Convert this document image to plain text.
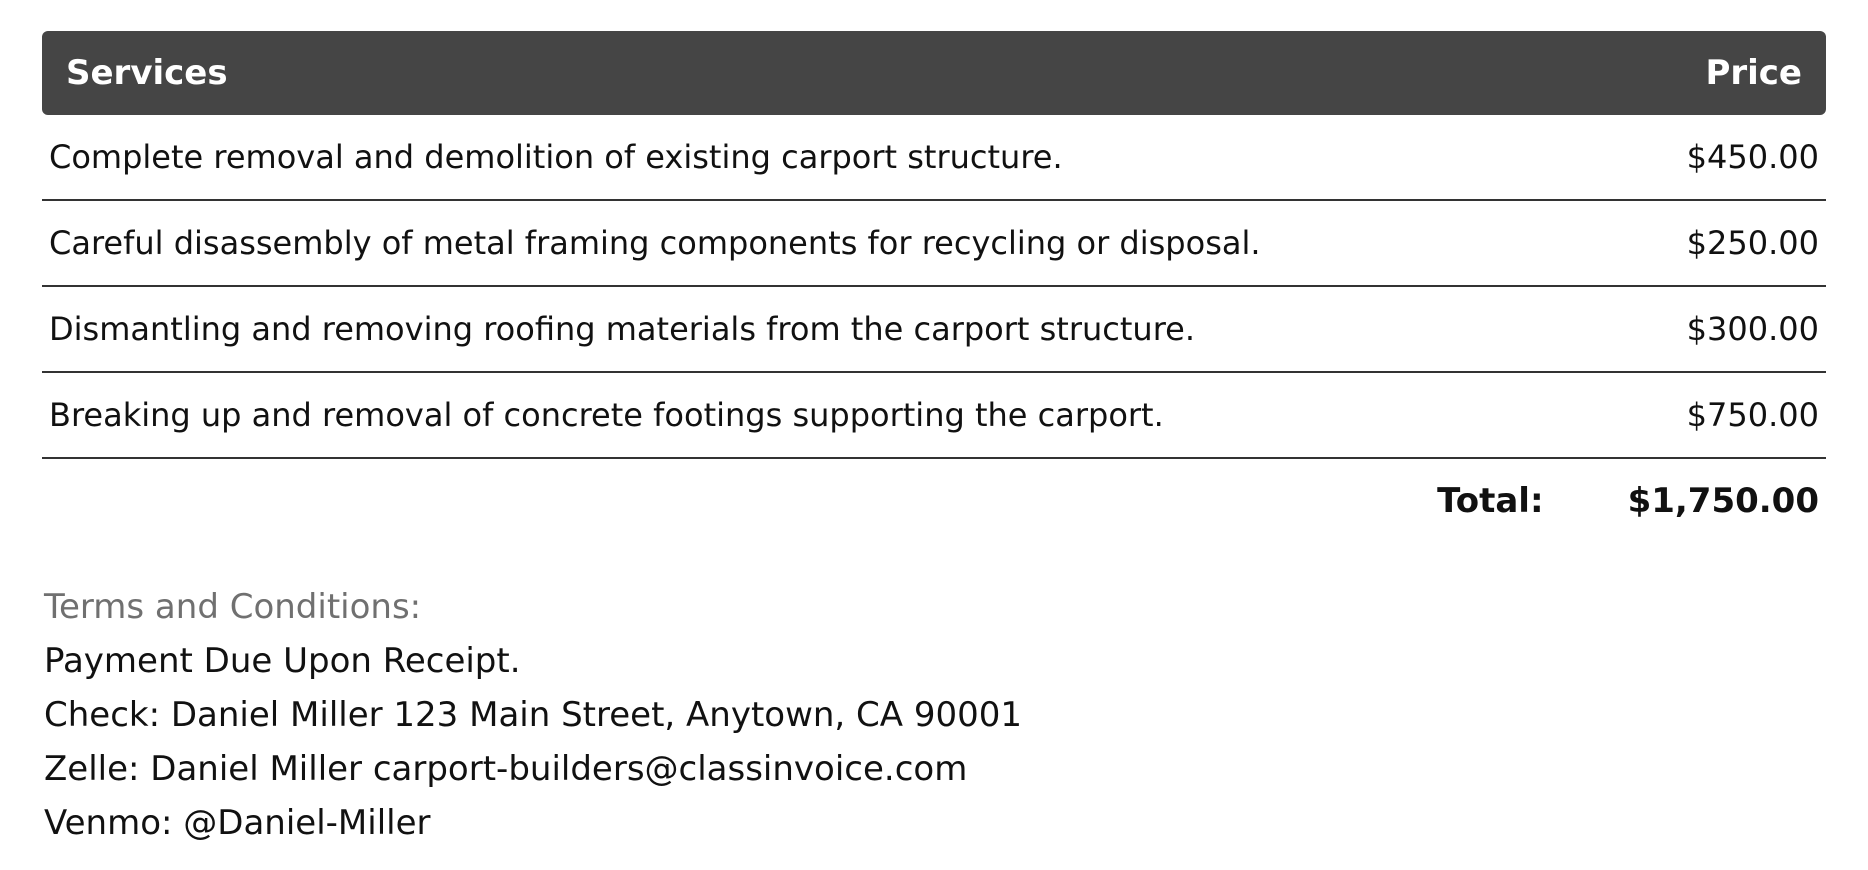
Services	Price
Complete removal and demolition of existing carport structure.	$450.00
Careful disassembly of metal framing components for recycling or disposal.	$250.00
Dismantling and removing roofing materials from the carport structure.	$300.00
Breaking up and removal of concrete footings supporting the carport.	$750.00
Total: $1,750.00
Terms and Conditions:
Payment Due Upon Receipt.
Check: Daniel Miller 123 Main Street, Anytown, CA 90001
Zelle: Daniel Miller carport-builders@classinvoice.com
Venmo: @Daniel-Miller
